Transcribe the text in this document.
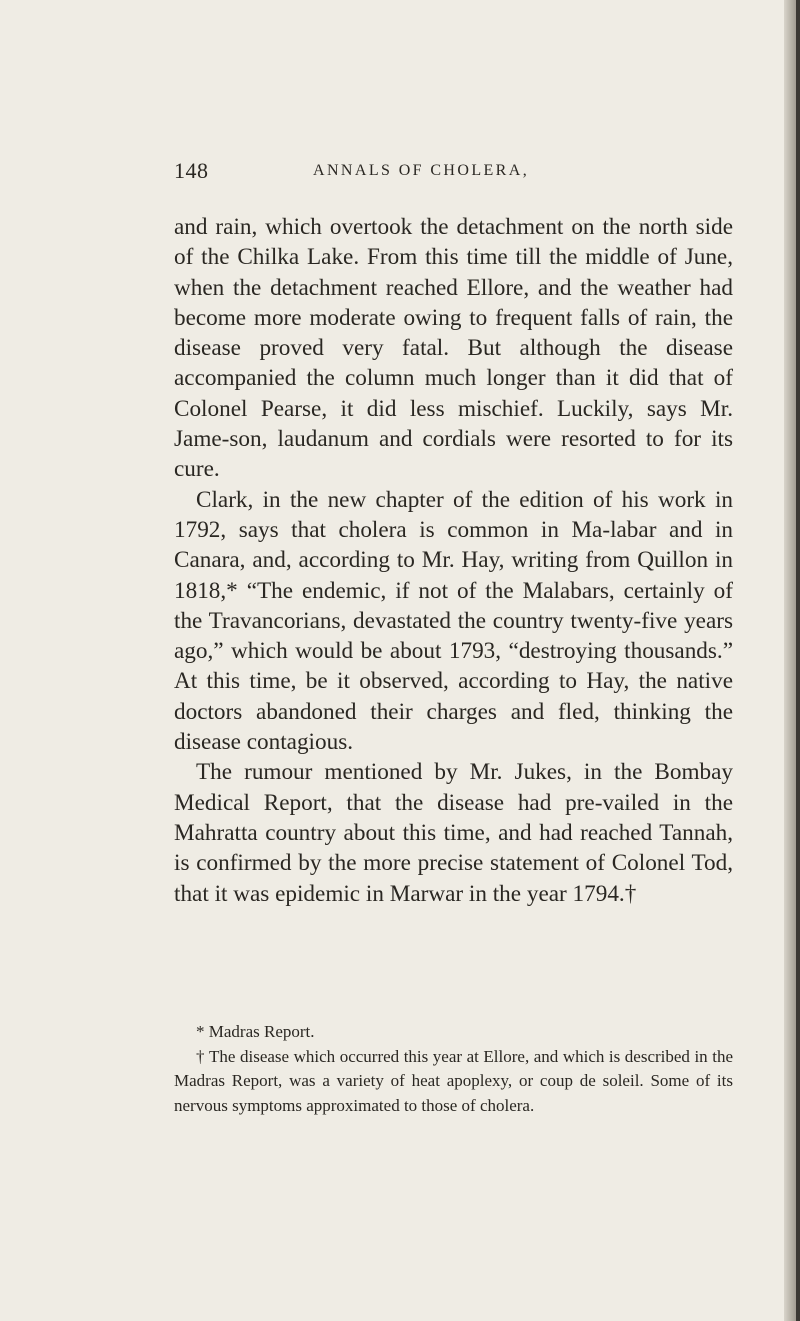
148	ANNALS OF CHOLERA,

and rain, which overtook the detachment on the north side of the Chilka Lake. From this time till the middle of June, when the detachment reached Ellore, and the weather had become more moderate owing to frequent falls of rain, the disease proved very fatal. But although the disease accompanied the column much longer than it did that of Colonel Pearse, it did less mischief. Luckily, says Mr. Jame-son, laudanum and cordials were resorted to for its cure.

Clark, in the new chapter of the edition of his work in 1792, says that cholera is common in Ma-labar and in Canara, and, according to Mr. Hay, writing from Quillon in 1818,* “The endemic, if not of the Malabars, certainly of the Travancorians, devastated the country twenty-five years ago,” which would be about 1793, “destroying thousands.” At this time, be it observed, according to Hay, the native doctors abandoned their charges and fled, thinking the disease contagious.

The rumour mentioned by Mr. Jukes, in the Bombay Medical Report, that the disease had pre-vailed in the Mahratta country about this time, and had reached Tannah, is confirmed by the more precise statement of Colonel Tod, that it was epidemic in Marwar in the year 1794.†

* Madras Report.

† The disease which occurred this year at Ellore, and which is described in the Madras Report, was a variety of heat apoplexy, or coup de soleil. Some of its nervous symptoms approximated to those of cholera.
